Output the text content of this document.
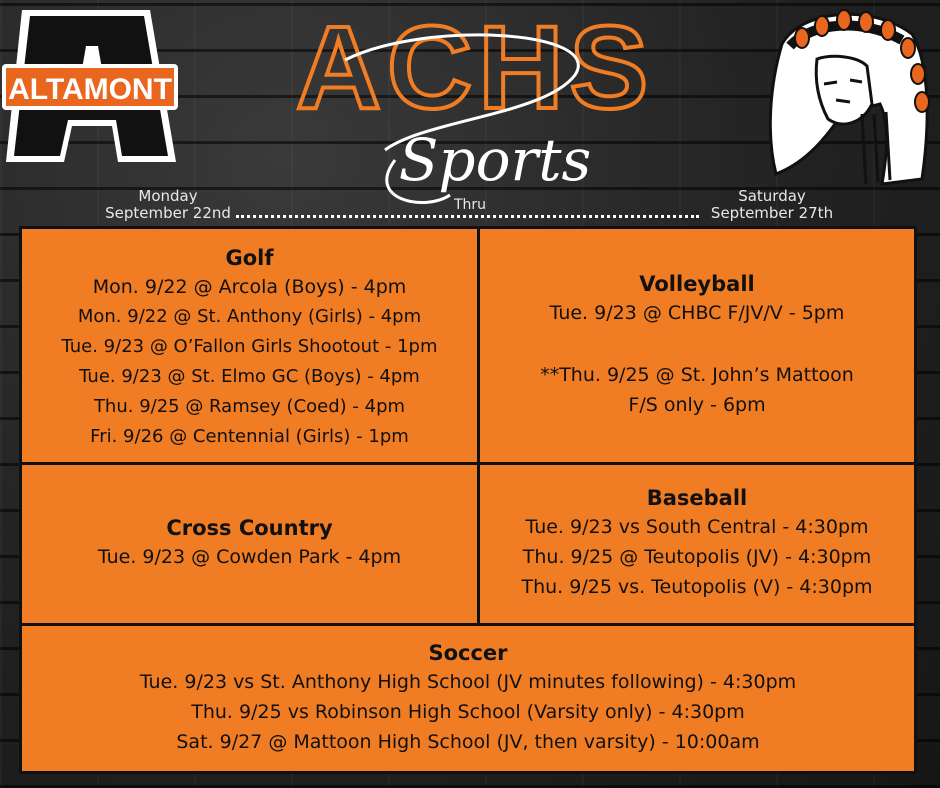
ALTAMONT ACHS
Sports
Monday
September 22nd	Thru	Saturday
September 27th
Golf
Mon. 9/22 @ Arcola (Boys) - 4pm
Mon. 9/22 @ St. Anthony (Girls) - 4pm
Tue. 9/23 @ O’Fallon Girls Shootout - 1pm
Tue. 9/23 @ St. Elmo GC (Boys) - 4pm
Thu. 9/25 @ Ramsey (Coed) - 4pm
Fri. 9/26 @ Centennial (Girls) - 1pm
Volleyball
Tue. 9/23 @ CHBC F/JV/V - 5pm
**Thu. 9/25 @ St. John’s Mattoon
F/S only - 6pm
Cross Country
Tue. 9/23 @ Cowden Park - 4pm
Baseball
Tue. 9/23 vs South Central - 4:30pm
Thu. 9/25 @ Teutopolis (JV) - 4:30pm
Thu. 9/25 vs. Teutopolis (V) - 4:30pm
Soccer
Tue. 9/23 vs St. Anthony High School (JV minutes following) - 4:30pm
Thu. 9/25 vs Robinson High School (Varsity only) - 4:30pm
Sat. 9/27 @ Mattoon High School (JV, then varsity) - 10:00am
